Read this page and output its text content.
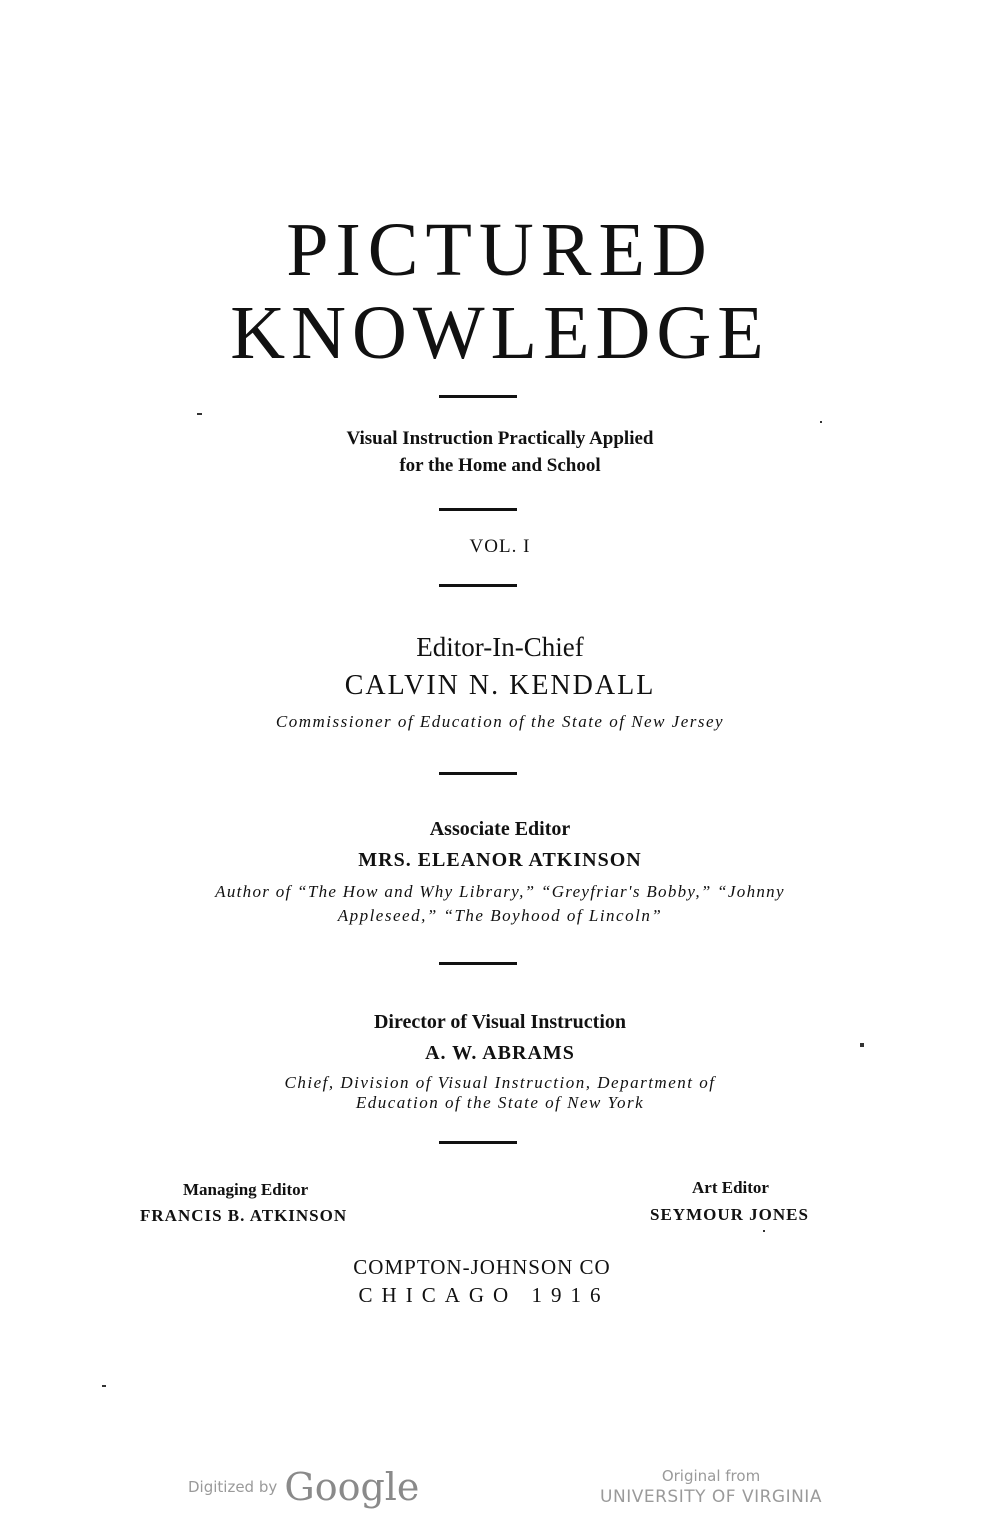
PICTURED
KNOWLEDGE
Visual Instruction Practically Applied
for the Home and School
VOL. I
Editor-In-Chief
CALVIN N. KENDALL
Commissioner of Education of the State of New Jersey
Associate Editor
MRS. ELEANOR ATKINSON
Author of “The How and Why Library,” “Greyfriar's Bobby,” “Johnny
Appleseed,” “The Boyhood of Lincoln”
Director of Visual Instruction
A. W. ABRAMS
Chief, Division of Visual Instruction, Department of
Education of the State of New York
Managing Editor
FRANCIS B. ATKINSON
Art Editor
SEYMOUR JONES
COMPTON-JOHNSON CO
CHICAGO 1916
Digitized by Google	Original from
UNIVERSITY OF VIRGINIA
